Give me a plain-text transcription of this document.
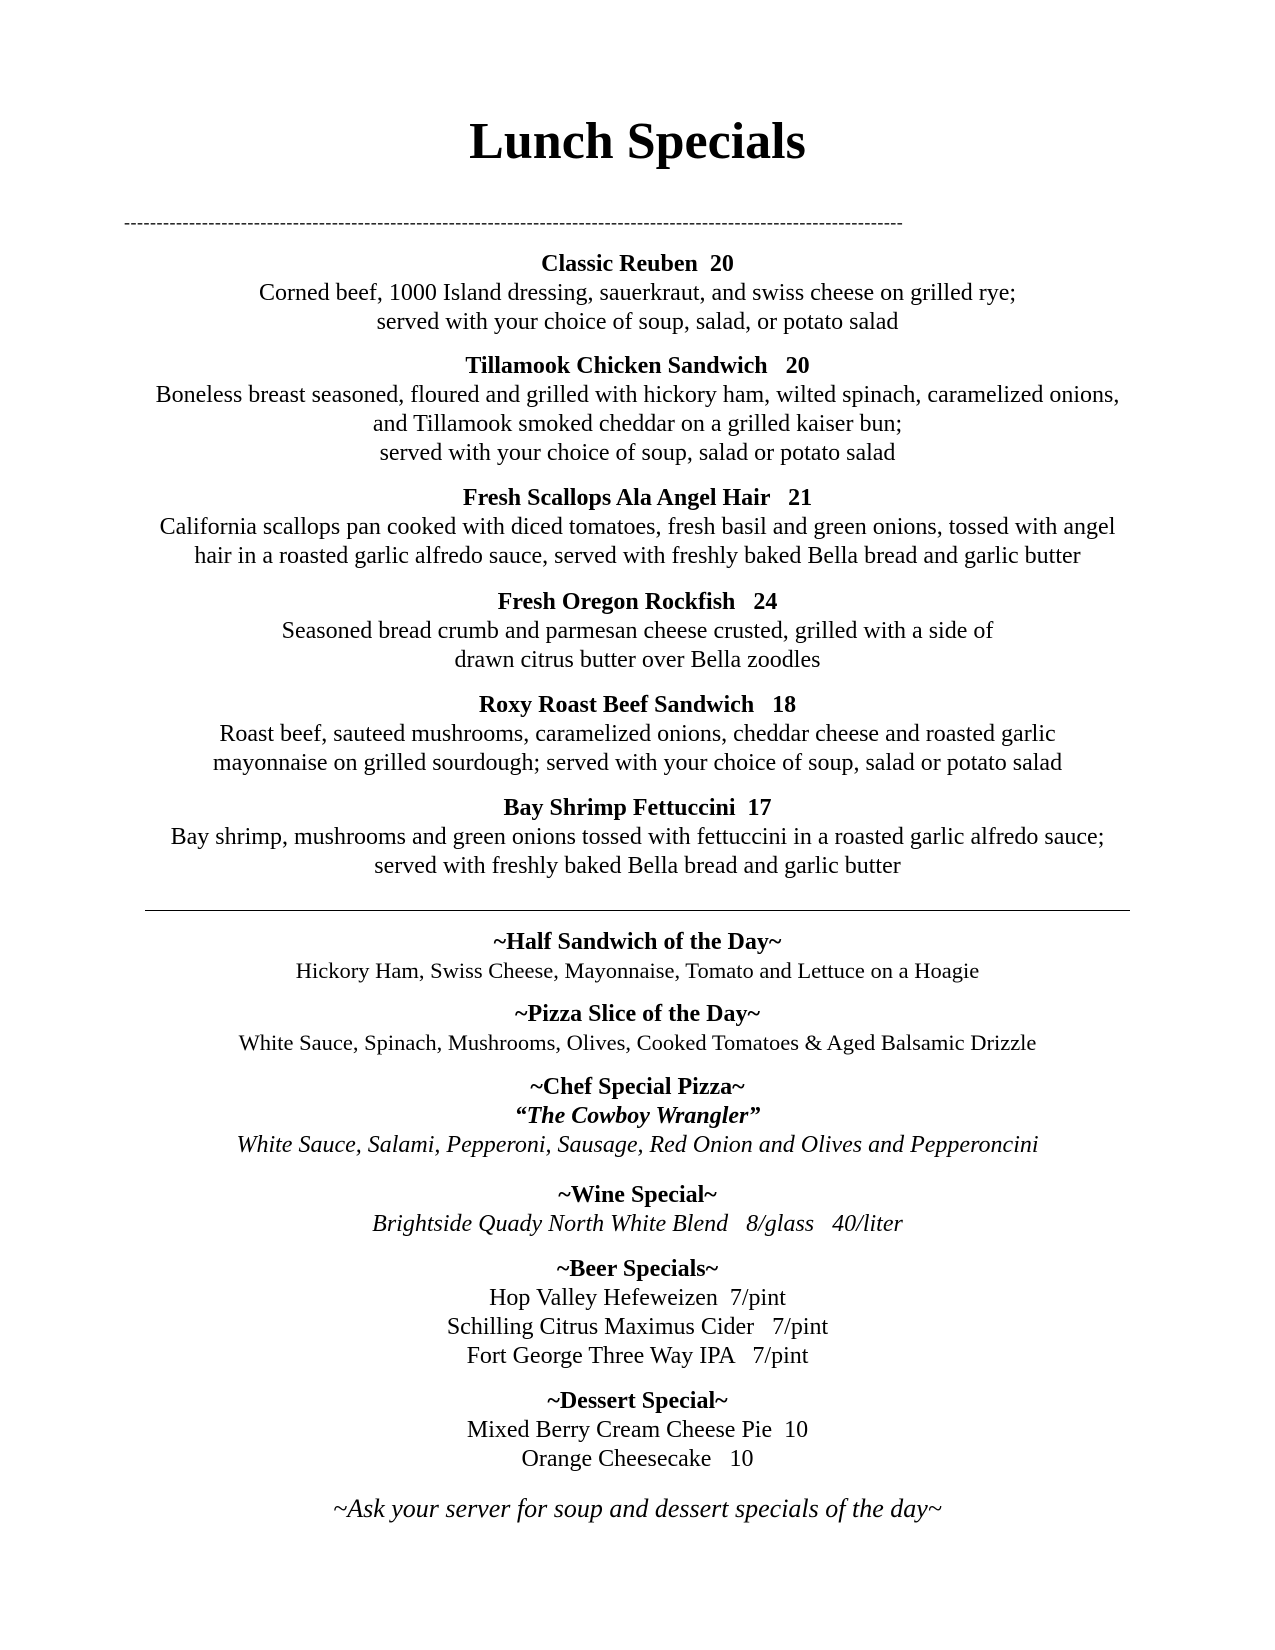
Lunch Specials
------------------------------------------------------------------------------------------------------------------------
Classic Reuben  20
Corned beef, 1000 Island dressing, sauerkraut, and swiss cheese on grilled rye;
served with your choice of soup, salad, or potato salad
Tillamook Chicken Sandwich   20
Boneless breast seasoned, floured and grilled with hickory ham, wilted spinach, caramelized onions,
and Tillamook smoked cheddar on a grilled kaiser bun;
served with your choice of soup, salad or potato salad
Fresh Scallops Ala Angel Hair   21
California scallops pan cooked with diced tomatoes, fresh basil and green onions, tossed with angel
hair in a roasted garlic alfredo sauce, served with freshly baked Bella bread and garlic butter
Fresh Oregon Rockfish   24
Seasoned bread crumb and parmesan cheese crusted, grilled with a side of
drawn citrus butter over Bella zoodles
Roxy Roast Beef Sandwich   18
Roast beef, sauteed mushrooms, caramelized onions, cheddar cheese and roasted garlic
mayonnaise on grilled sourdough; served with your choice of soup, salad or potato salad
Bay Shrimp Fettuccini  17
Bay shrimp, mushrooms and green onions tossed with fettuccini in a roasted garlic alfredo sauce;
served with freshly baked Bella bread and garlic butter
~Half Sandwich of the Day~
Hickory Ham, Swiss Cheese, Mayonnaise, Tomato and Lettuce on a Hoagie
~Pizza Slice of the Day~
White Sauce, Spinach, Mushrooms, Olives, Cooked Tomatoes & Aged Balsamic Drizzle
~Chef Special Pizza~
“The Cowboy Wrangler”
White Sauce, Salami, Pepperoni, Sausage, Red Onion and Olives and Pepperoncini
~Wine Special~
Brightside Quady North White Blend   8/glass   40/liter
~Beer Specials~
Hop Valley Hefeweizen  7/pint
Schilling Citrus Maximus Cider   7/pint
Fort George Three Way IPA   7/pint
~Dessert Special~
Mixed Berry Cream Cheese Pie  10
Orange Cheesecake   10
~Ask your server for soup and dessert specials of the day~
